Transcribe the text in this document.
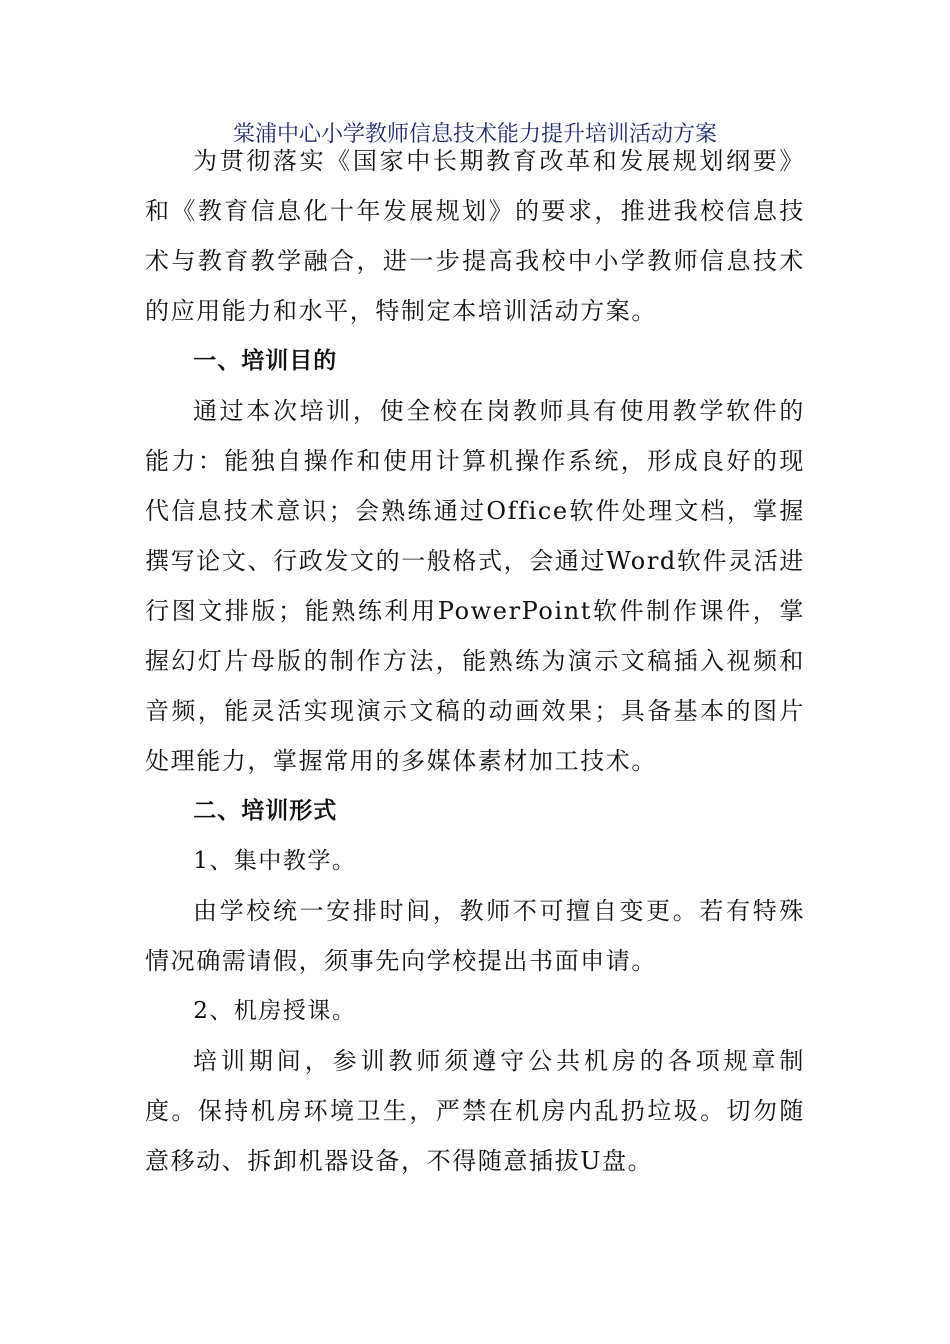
棠浦中心小学教师信息技术能力提升培训活动方案

为贯彻落实《国家中长期教育改革和发展规划纲要》和《教育信息化十年发展规划》的要求，推进我校信息技术与教育教学融合，进一步提高我校中小学教师信息技术的应用能力和水平，特制定本培训活动方案。

一、培训目的

通过本次培训，使全校在岗教师具有使用教学软件的能力：能独自操作和使用计算机操作系统，形成良好的现代信息技术意识；会熟练通过Office软件处理文档，掌握撰写论文、行政发文的一般格式，会通过Word软件灵活进行图文排版；能熟练利用PowerPoint软件制作课件，掌握幻灯片母版的制作方法，能熟练为演示文稿插入视频和音频，能灵活实现演示文稿的动画效果；具备基本的图片处理能力，掌握常用的多媒体素材加工技术。

二、培训形式

1、集中教学。

由学校统一安排时间，教师不可擅自变更。若有特殊情况确需请假，须事先向学校提出书面申请。

2、机房授课。

培训期间，参训教师须遵守公共机房的各项规章制度。保持机房环境卫生，严禁在机房内乱扔垃圾。切勿随意移动、拆卸机器设备，不得随意插拔U盘。
